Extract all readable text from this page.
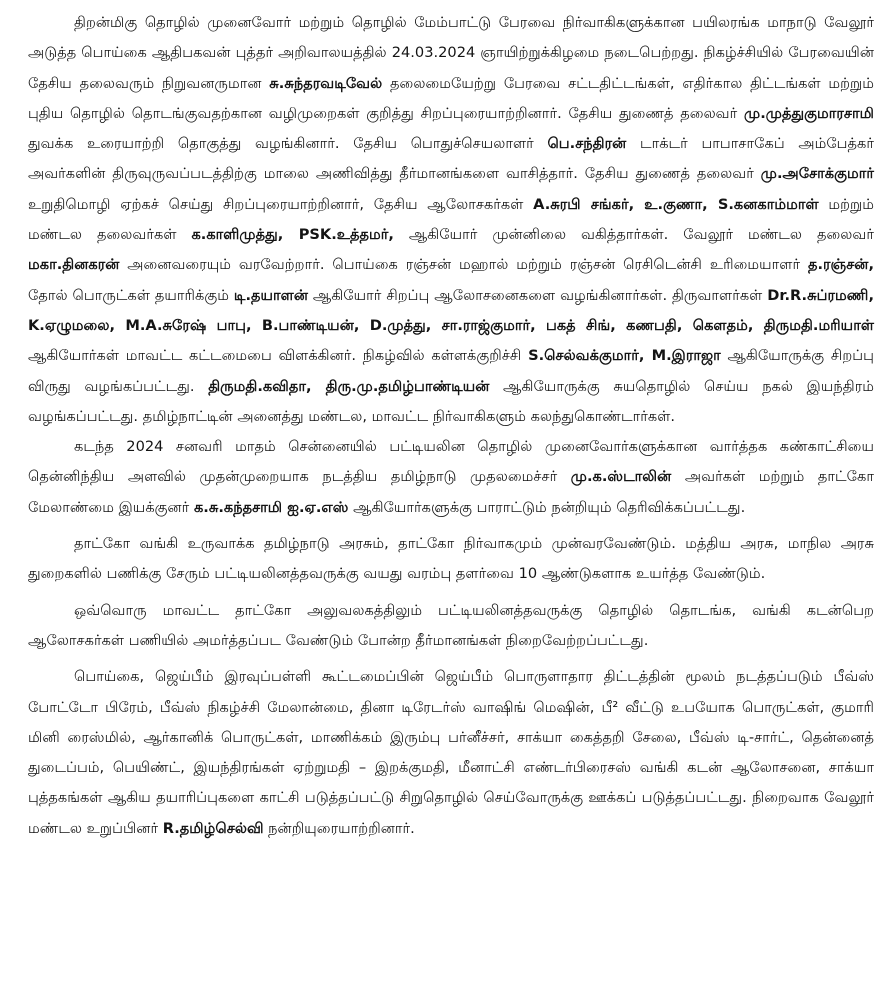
திறன்மிகு தொழில் முனைவோர் மற்றும் தொழில் மேம்பாட்டு பேரவை நிர்வாகிகளுக்கான பயிலரங்க மாநாடு வேலூர் அடுத்த பொய்கை ஆதிபகவன் புத்தர் அறிவாலயத்தில் 24.03.2024 ஞாயிற்றுக்கிழமை நடைபெற்றது. நிகழ்ச்சியில் பேரவையின் தேசிய தலைவரும் நிறுவனருமான சு.சுந்தரவடிவேல் தலைமையேற்று பேரவை சட்டதிட்டங்கள், எதிர்கால திட்டங்கள் மற்றும் புதிய தொழில் தொடங்குவதற்கான வழிமுறைகள் குறித்து சிறப்புரையாற்றினார். தேசிய துணைத் தலைவர் மு.முத்துகுமாரசாமி துவக்க உரையாற்றி தொகுத்து வழங்கினார். தேசிய பொதுச்செயலாளர் பெ.சந்திரன் டாக்டர் பாபாசாகேப் அம்பேத்கர் அவர்களின் திருவுருவப்படத்திற்கு மாலை அணிவித்து தீர்மானங்களை வாசித்தார். தேசிய துணைத் தலைவர் மு.அசோக்குமார் உறுதிமொழி ஏற்கச் செய்து சிறப்புரையாற்றினார், தேசிய ஆலோசகர்கள் A.சுரபி சங்கர், உ.குணா, S.கனகாம்மாள் மற்றும் மண்டல தலைவர்கள் க.காளிமுத்து, PSK.உத்தமர், ஆகியோர் முன்னிலை வகித்தார்கள். வேலூர் மண்டல தலைவர் மகா.தினகரன் அனைவரையும் வரவேற்றார். பொய்கை ரஞ்சன் மஹால் மற்றும் ரஞ்சன் ரெசிடென்சி உரிமையாளர் த.ரஞ்சன், தோல் பொருட்கள் தயாரிக்கும் டி.தயாளன் ஆகியோர் சிறப்பு ஆலோசனைகளை வழங்கினார்கள். திருவாளர்கள் Dr.R.சுப்ரமணி, K.ஏழுமலை, M.A.சுரேஷ் பாபு, B.பாண்டியன், D.முத்து, சா.ராஜ்குமார், பகத் சிங், கணபதி, கௌதம், திருமதி.மரியாள் ஆகியோர்கள் மாவட்ட கட்டமைபை விளக்கினர். நிகழ்வில் கள்ளக்குறிச்சி S.செல்வக்குமார், M.இராஜா ஆகியோருக்கு சிறப்பு விருது வழங்கப்பட்டது. திருமதி.கவிதா, திரு.மு.தமிழ்பாண்டியன் ஆகியோருக்கு சுயதொழில் செய்ய நகல் இயந்திரம் வழங்கப்பட்டது. தமிழ்நாட்டின் அனைத்து மண்டல, மாவட்ட நிர்வாகிகளும் கலந்துகொண்டார்கள்.

கடந்த 2024 சனவரி மாதம் சென்னையில் பட்டியலின தொழில் முனைவோர்களுக்கான வார்த்தக கண்காட்சியை தென்னிந்திய அளவில் முதன்முறையாக நடத்திய தமிழ்நாடு முதலமைச்சர் மு.க.ஸ்டாலின் அவர்கள் மற்றும் தாட்கோ மேலாண்மை இயக்குனர் க.சு.கந்தசாமி ஐ.ஏ.எஸ் ஆகியோர்களுக்கு பாராட்டும் நன்றியும் தெரிவிக்கப்பட்டது.

தாட்கோ வங்கி உருவாக்க தமிழ்நாடு அரசும், தாட்கோ நிர்வாகமும் முன்வரவேண்டும். மத்திய அரசு, மாநில அரசு துறைகளில் பணிக்கு சேரும் பட்டியலினத்தவருக்கு வயது வரம்பு தளர்வை 10 ஆண்டுகளாக உயர்த்த வேண்டும்.

ஒவ்வொரு மாவட்ட தாட்கோ அலுவலகத்திலும் பட்டியலினத்தவருக்கு தொழில் தொடங்க, வங்கி கடன்பெற ஆலோசகர்கள் பணியில் அமர்த்தப்பட வேண்டும் போன்ற தீர்மானங்கள் நிறைவேற்றப்பட்டது.

பொய்கை, ஜெய்பீம் இரவுப்பள்ளி கூட்டமைப்பின் ஜெய்பீம் பொருளாதார திட்டத்தின் மூலம் நடத்தப்படும் பீவ்ஸ் போட்டோ பிரேம், பீவ்ஸ் நிகழ்ச்சி மேலான்மை, தினா டிரேடர்ஸ் வாஷிங் மெஷின், பீ² வீட்டு உபயோக பொருட்கள், குமாரி மினி ரைஸ்மில், ஆர்கானிக் பொருட்கள், மாணிக்கம் இரும்பு பர்னீச்சர், சாக்யா கைத்தறி சேலை, பீவ்ஸ் டி-சார்ட், தென்னைத் துடைப்பம், பெயிண்ட், இயந்திரங்கள் ஏற்றுமதி – இறக்குமதி, மீனாட்சி எண்டர்பிரைசஸ் வங்கி கடன் ஆலோசனை, சாக்யா புத்தகங்கள் ஆகிய தயாரிப்புகளை காட்சி படுத்தப்பட்டு சிறுதொழில் செய்வோருக்கு ஊக்கப் படுத்தப்பட்டது. நிறைவாக வேலூர் மண்டல உறுப்பினர் R.தமிழ்செல்வி நன்றியுரையாற்றினார்.
